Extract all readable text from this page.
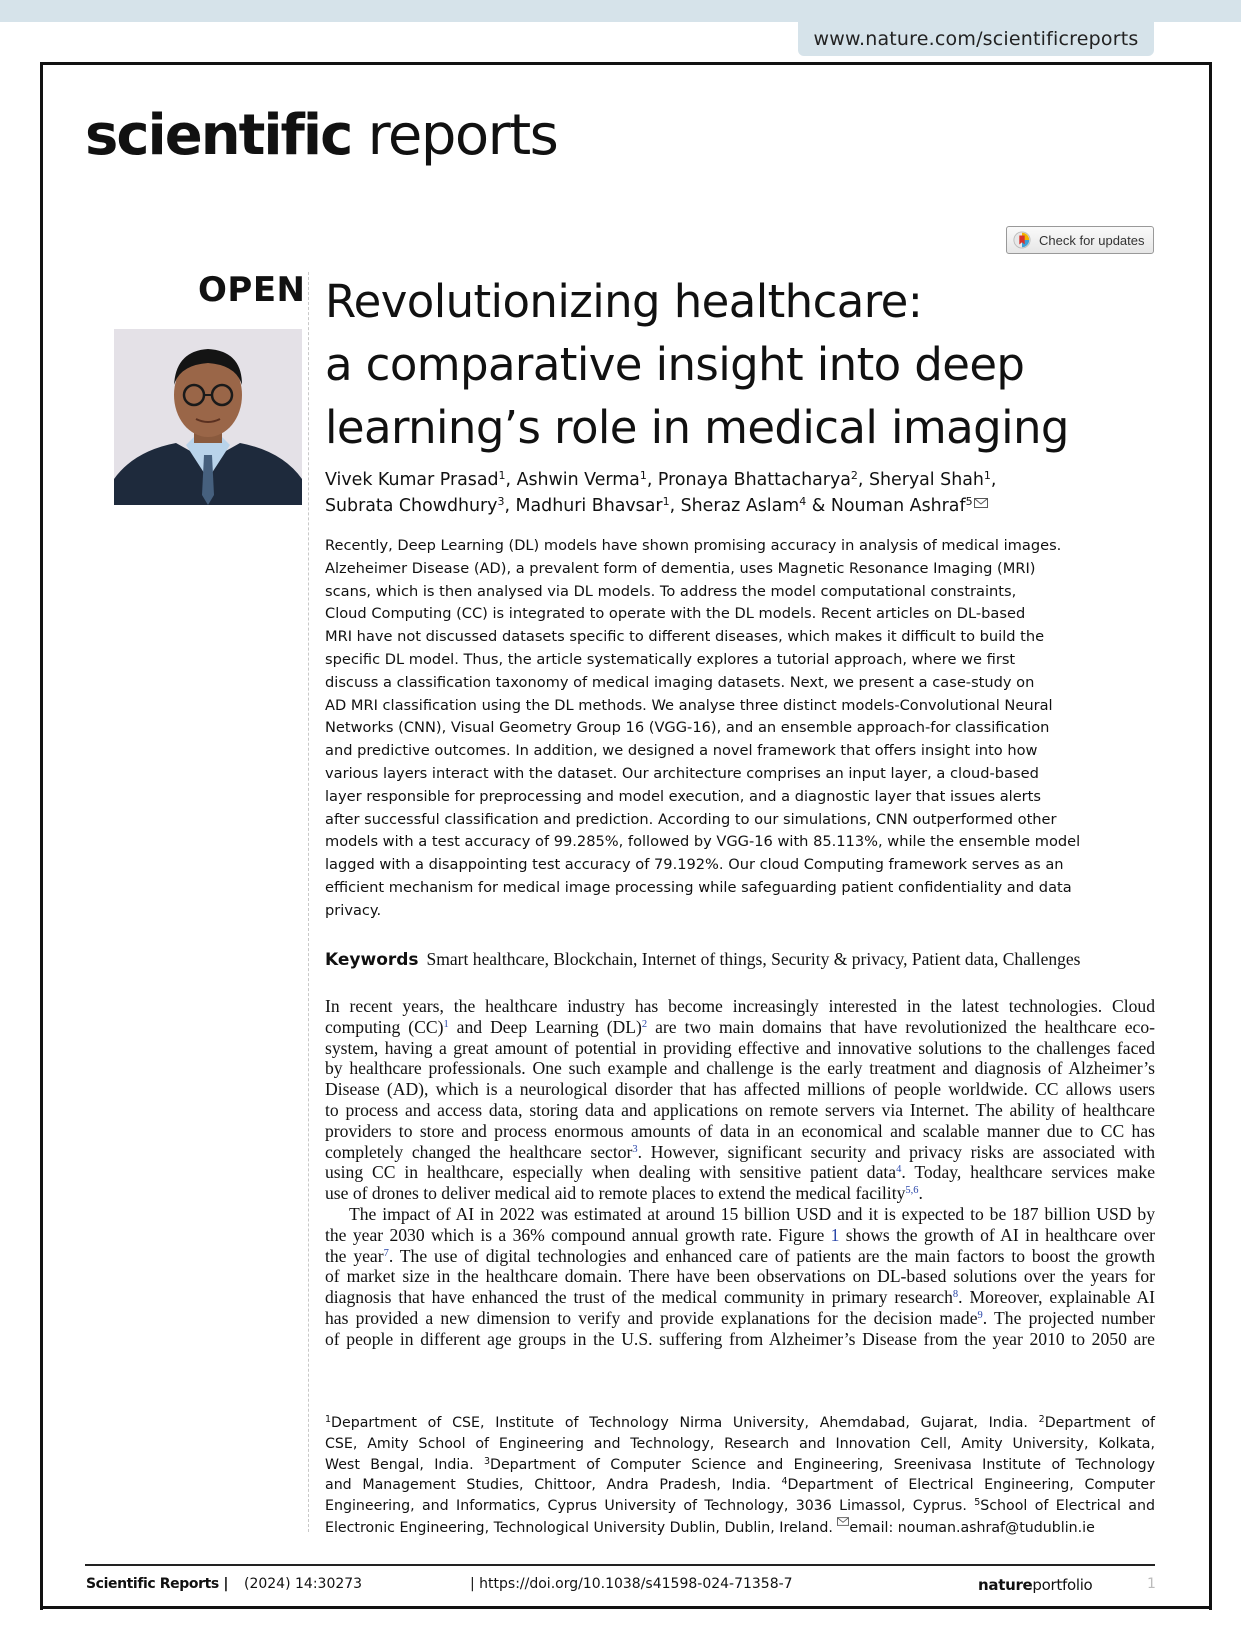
www.nature.com/scientificreports
scientific reports
Check for updates
OPEN Revolutionizing healthcare:
a comparative insight into deep
learning’s role in medical imaging
Vivek Kumar Prasad$^1$, Ashwin Verma$^1$, Pronaya Bhattacharya$^2$, Sheryal Shah$^1$,
Subrata Chowdhury$^3$, Madhuri Bhavsar$^1$, Sheraz Aslam$^4$ & Nouman Ashraf$^5$
Recently, Deep Learning (DL) models have shown promising accuracy in analysis of medical images.
Alzeheimer Disease (AD), a prevalent form of dementia, uses Magnetic Resonance Imaging (MRI)
scans, which is then analysed via DL models. To address the model computational constraints,
Cloud Computing (CC) is integrated to operate with the DL models. Recent articles on DL-based
MRI have not discussed datasets specific to different diseases, which makes it difficult to build the
specific DL model. Thus, the article systematically explores a tutorial approach, where we first
discuss a classification taxonomy of medical imaging datasets. Next, we present a case-study on
AD MRI classification using the DL methods. We analyse three distinct models-Convolutional Neural
Networks (CNN), Visual Geometry Group 16 (VGG-16), and an ensemble approach-for classification
and predictive outcomes. In addition, we designed a novel framework that offers insight into how
various layers interact with the dataset. Our architecture comprises an input layer, a cloud-based
layer responsible for preprocessing and model execution, and a diagnostic layer that issues alerts
after successful classification and prediction. According to our simulations, CNN outperformed other
models with a test accuracy of 99.285%, followed by VGG-16 with 85.113%, while the ensemble model
lagged with a disappointing test accuracy of 79.192%. Our cloud Computing framework serves as an
efficient mechanism for medical image processing while safeguarding patient confidentiality and data
privacy.
Keywords Smart healthcare, Blockchain, Internet of things, Security & privacy, Patient data, Challenges
In recent years, the healthcare industry has become increasingly interested in the latest technologies. Cloud
computing (CC)$^1$ and Deep Learning (DL)$^2$ are two main domains that have revolutionized the healthcare eco-
system, having a great amount of potential in providing effective and innovative solutions to the challenges faced
by healthcare professionals. One such example and challenge is the early treatment and diagnosis of Alzheimer’s
Disease (AD), which is a neurological disorder that has affected millions of people worldwide. CC allows users
to process and access data, storing data and applications on remote servers via Internet. The ability of healthcare
providers to store and process enormous amounts of data in an economical and scalable manner due to CC has
completely changed the healthcare sector$^3$. However, significant security and privacy risks are associated with
using CC in healthcare, especially when dealing with sensitive patient data$^4$. Today, healthcare services make
use of drones to deliver medical aid to remote places to extend the medical facility$^{5,6}$.
The impact of AI in 2022 was estimated at around 15 billion USD and it is expected to be 187 billion USD by
the year 2030 which is a 36% compound annual growth rate. Figure 1 shows the growth of AI in healthcare over
the year$^7$. The use of digital technologies and enhanced care of patients are the main factors to boost the growth
of market size in the healthcare domain. There have been observations on DL-based solutions over the years for
diagnosis that have enhanced the trust of the medical community in primary research$^8$. Moreover, explainable AI
has provided a new dimension to verify and provide explanations for the decision made$^9$. The projected number
of people in different age groups in the U.S. suffering from Alzheimer’s Disease from the year 2010 to 2050 are
$^1$Department of CSE, Institute of Technology Nirma University, Ahemdabad, Gujarat, India. $^2$Department of
CSE, Amity School of Engineering and Technology, Research and Innovation Cell, Amity University, Kolkata,
West Bengal, India. $^3$Department of Computer Science and Engineering, Sreenivasa Institute of Technology
and Management Studies, Chittoor, Andra Pradesh, India. $^4$Department of Electrical Engineering, Computer
Engineering, and Informatics, Cyprus University of Technology, 3036 Limassol, Cyprus. $^5$School of Electrical and
Electronic Engineering, Technological University Dublin, Dublin, Ireland. email: nouman.ashraf@tudublin.ie
Scientific Reports | (2024) 14:30273	| https://doi.org/10.1038/s41598-024-71358-7	natureportfolio	1
